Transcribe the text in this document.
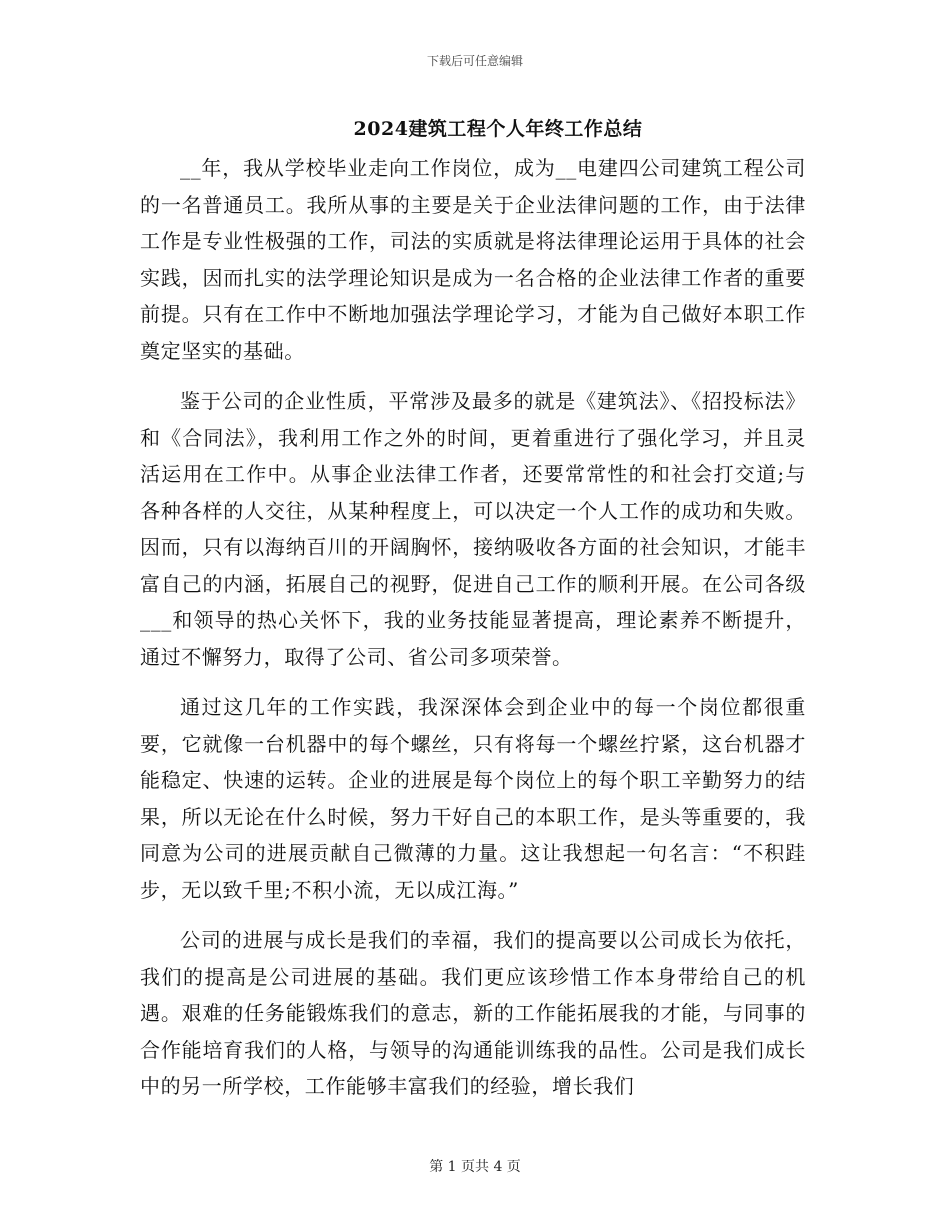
下载后可任意编辑
2024建筑工程个人年终工作总结

__年，我从学校毕业走向工作岗位，成为__电建四公司建筑工程公司的一名普通员工。我所从事的主要是关于企业法律问题的工作，由于法律工作是专业性极强的工作，司法的实质就是将法律理论运用于具体的社会实践，因而扎实的法学理论知识是成为一名合格的企业法律工作者的重要前提。只有在工作中不断地加强法学理论学习，才能为自己做好本职工作奠定坚实的基础。

鉴于公司的企业性质，平常涉及最多的就是《建筑法》、《招投标法》和《合同法》，我利用工作之外的时间，更着重进行了强化学习，并且灵活运用在工作中。从事企业法律工作者，还要常常性的和社会打交道;与各种各样的人交往，从某种程度上，可以决定一个人工作的成功和失败。因而，只有以海纳百川的开阔胸怀，接纳吸收各方面的社会知识，才能丰富自己的内涵，拓展自己的视野，促进自己工作的顺利开展。在公司各级___和领导的热心关怀下，我的业务技能显著提高，理论素养不断提升，通过不懈努力，取得了公司、省公司多项荣誉。

通过这几年的工作实践，我深深体会到企业中的每一个岗位都很重要，它就像一台机器中的每个螺丝，只有将每一个螺丝拧紧，这台机器才能稳定、快速的运转。企业的进展是每个岗位上的每个职工辛勤努力的结果，所以无论在什么时候，努力干好自己的本职工作，是头等重要的，我同意为公司的进展贡献自己微薄的力量。这让我想起一句名言：“不积跬步，无以致千里;不积小流，无以成江海。”

公司的进展与成长是我们的幸福，我们的提高要以公司成长为依托，我们的提高是公司进展的基础。我们更应该珍惜工作本身带给自己的机遇。艰难的任务能锻炼我们的意志，新的工作能拓展我的才能，与同事的合作能培育我们的人格，与领导的沟通能训练我的品性。公司是我们成长中的另一所学校，工作能够丰富我们的经验，增长我们

第 1 页共 4 页
